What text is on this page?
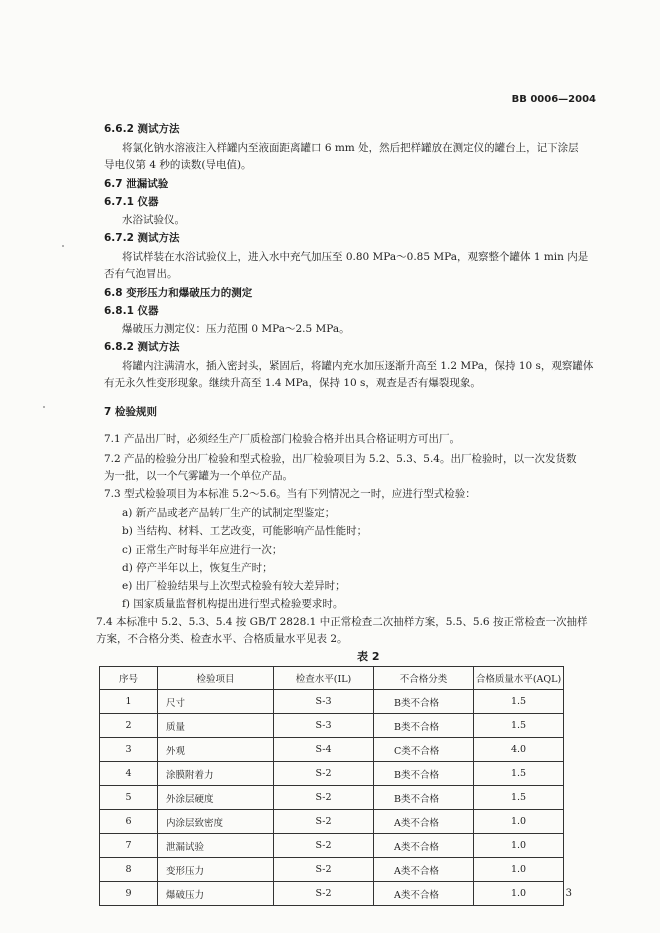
BB 0006—2004
6.6.2 测试方法
将氯化钠水溶液注入样罐内至液面距离罐口 6 mm 处，然后把样罐放在测定仪的罐台上，记下涂层
导电仪第 4 秒的读数(导电值)。
6.7 泄漏试验
6.7.1 仪器
水浴试验仪。
6.7.2 测试方法
将试样装在水浴试验仪上，进入水中充气加压至 0.80 MPa～0.85 MPa，观察整个罐体 1 min 内是
否有气泡冒出。
6.8 变形压力和爆破压力的测定
6.8.1 仪器
爆破压力测定仪：压力范围 0 MPa～2.5 MPa。
6.8.2 测试方法
将罐内注满清水，插入密封头，紧固后，将罐内充水加压逐渐升高至 1.2 MPa，保持 10 s，观察罐体
有无永久性变形现象。继续升高至 1.4 MPa，保持 10 s，观查是否有爆裂现象。
7 检验规则
7.1 产品出厂时，必须经生产厂质检部门检验合格并出具合格证明方可出厂。
7.2 产品的检验分出厂检验和型式检验，出厂检验项目为 5.2、5.3、5.4。出厂检验时，以一次发货数
为一批，以一个气雾罐为一个单位产品。
7.3 型式检验项目为本标准 5.2～5.6。当有下列情况之一时，应进行型式检验：
a) 新产品或老产品转厂生产的试制定型鉴定；
b) 当结构、材料、工艺改变，可能影响产品性能时；
c) 正常生产时每半年应进行一次；
d) 停产半年以上，恢复生产时；
e) 出厂检验结果与上次型式检验有较大差异时；
f) 国家质量监督机构提出进行型式检验要求时。
7.4 本标准中 5.2、5.3、5.4 按 GB/T 2828.1 中正常检查二次抽样方案，5.5、5.6 按正常检查一次抽样
方案，不合格分类、检查水平、合格质量水平见表 2。
表 2
序号	检验项目	检查水平(IL)	不合格分类	合格质量水平(AQL)
1	尺寸	S-3	B类不合格	1.5
2	质量	S-3	B类不合格	1.5
3	外观	S-4	C类不合格	4.0
4	涂膜附着力	S-2	B类不合格	1.5
5	外涂层硬度	S-2	B类不合格	1.5
6	内涂层致密度	S-2	A类不合格	1.0
7	泄漏试验	S-2	A类不合格	1.0
8	变形压力	S-2	A类不合格	1.0
9	爆破压力	S-2	A类不合格	1.0	3
